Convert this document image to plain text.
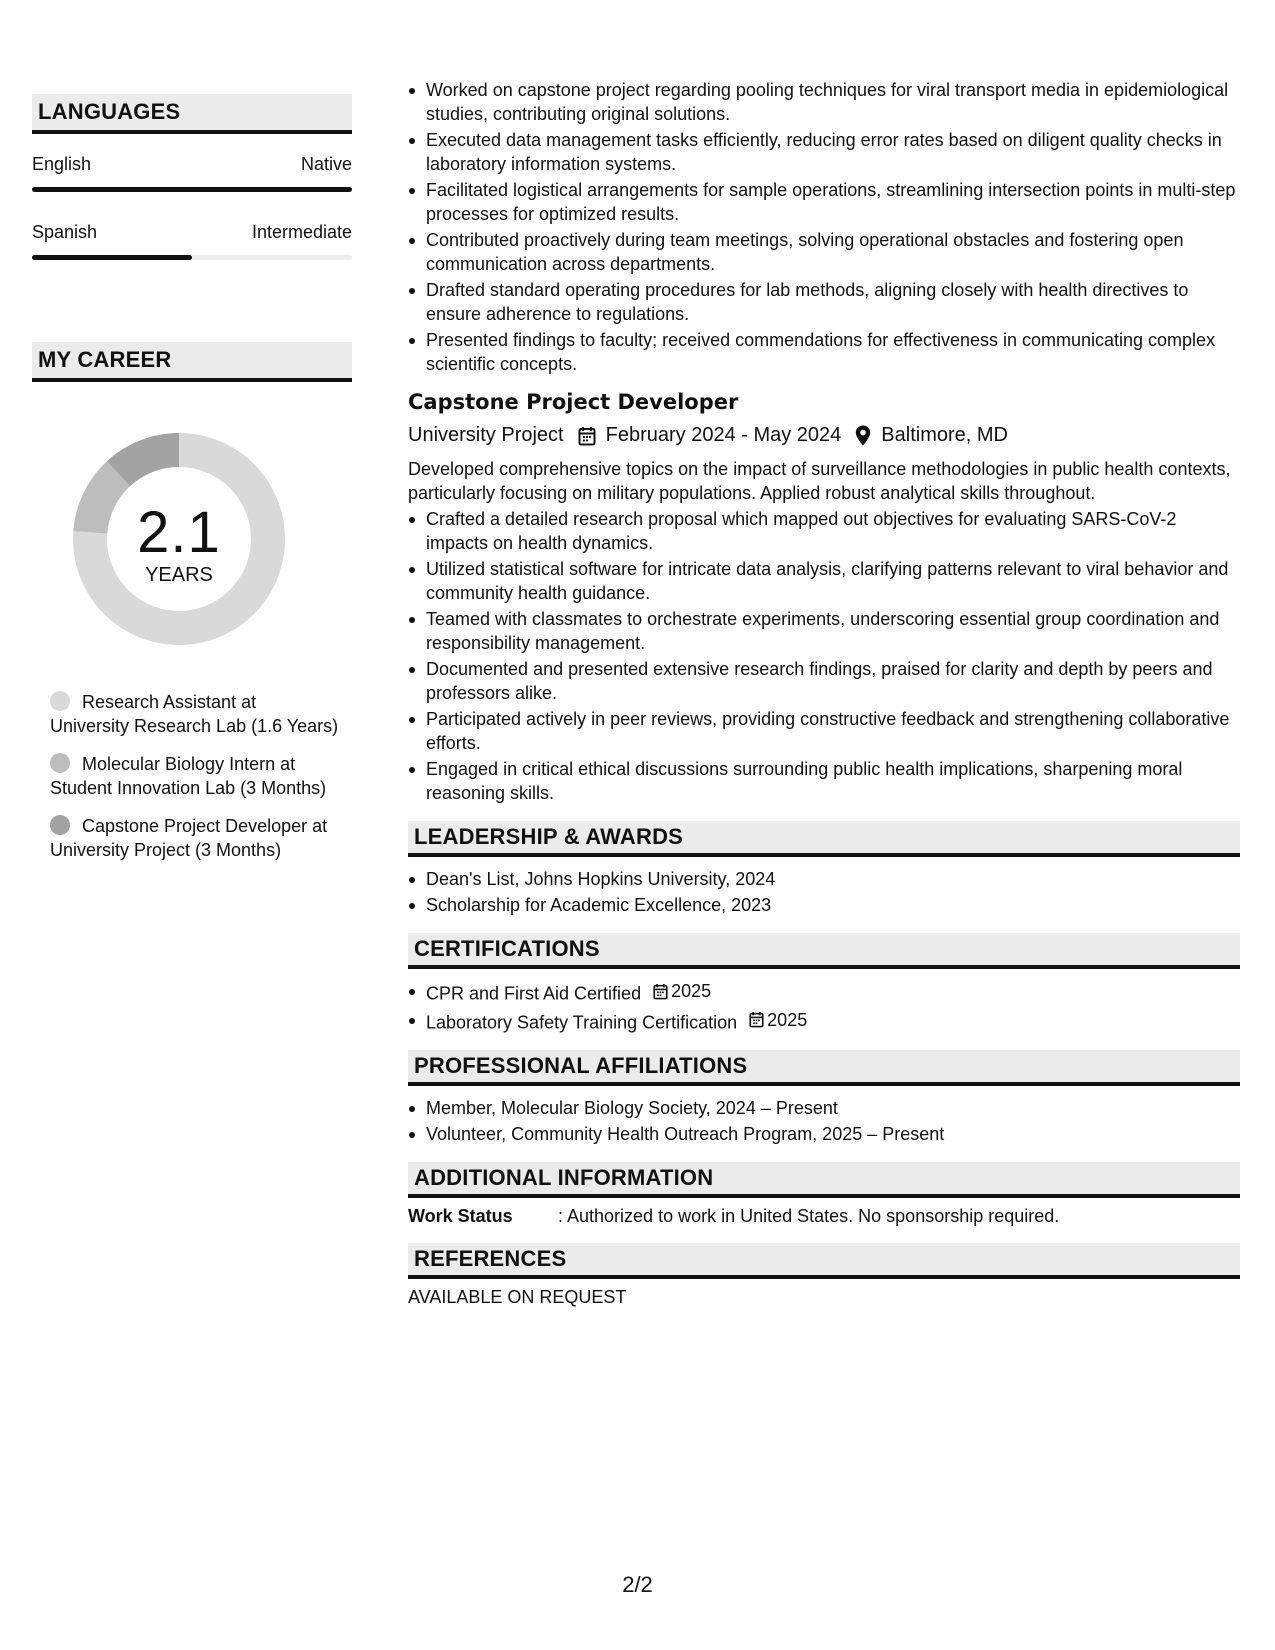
LANGUAGES
English	Native
Spanish	Intermediate
MY CAREER
2.1
YEARS
Research Assistant at University Research Lab (1.6 Years)
Molecular Biology Intern at Student Innovation Lab (3 Months)
Capstone Project Developer at University Project (3 Months)
Worked on capstone project regarding pooling techniques for viral transport media in epidemiological studies, contributing original solutions.
Executed data management tasks efficiently, reducing error rates based on diligent quality checks in laboratory information systems.
Facilitated logistical arrangements for sample operations, streamlining intersection points in multi-step processes for optimized results.
Contributed proactively during team meetings, solving operational obstacles and fostering open communication across departments.
Drafted standard operating procedures for lab methods, aligning closely with health directives to ensure adherence to regulations.
Presented findings to faculty; received commendations for effectiveness in communicating complex scientific concepts.
Capstone Project Developer
University Project February 2024 - May 2024 Baltimore, MD
Developed comprehensive topics on the impact of surveillance methodologies in public health contexts, particularly focusing on military populations. Applied robust analytical skills throughout.
Crafted a detailed research proposal which mapped out objectives for evaluating SARS-CoV-2 impacts on health dynamics.
Utilized statistical software for intricate data analysis, clarifying patterns relevant to viral behavior and community health guidance.
Teamed with classmates to orchestrate experiments, underscoring essential group coordination and responsibility management.
Documented and presented extensive research findings, praised for clarity and depth by peers and professors alike.
Participated actively in peer reviews, providing constructive feedback and strengthening collaborative efforts.
Engaged in critical ethical discussions surrounding public health implications, sharpening moral reasoning skills.
LEADERSHIP & AWARDS
Dean's List, Johns Hopkins University, 2024
Scholarship for Academic Excellence, 2023
CERTIFICATIONS
CPR and First Aid Certified 2025
Laboratory Safety Training Certification 2025
PROFESSIONAL AFFILIATIONS
Member, Molecular Biology Society, 2024 – Present
Volunteer, Community Health Outreach Program, 2025 – Present
ADDITIONAL INFORMATION
Work Status	: Authorized to work in United States. No sponsorship required.
REFERENCES
AVAILABLE ON REQUEST
2/2
